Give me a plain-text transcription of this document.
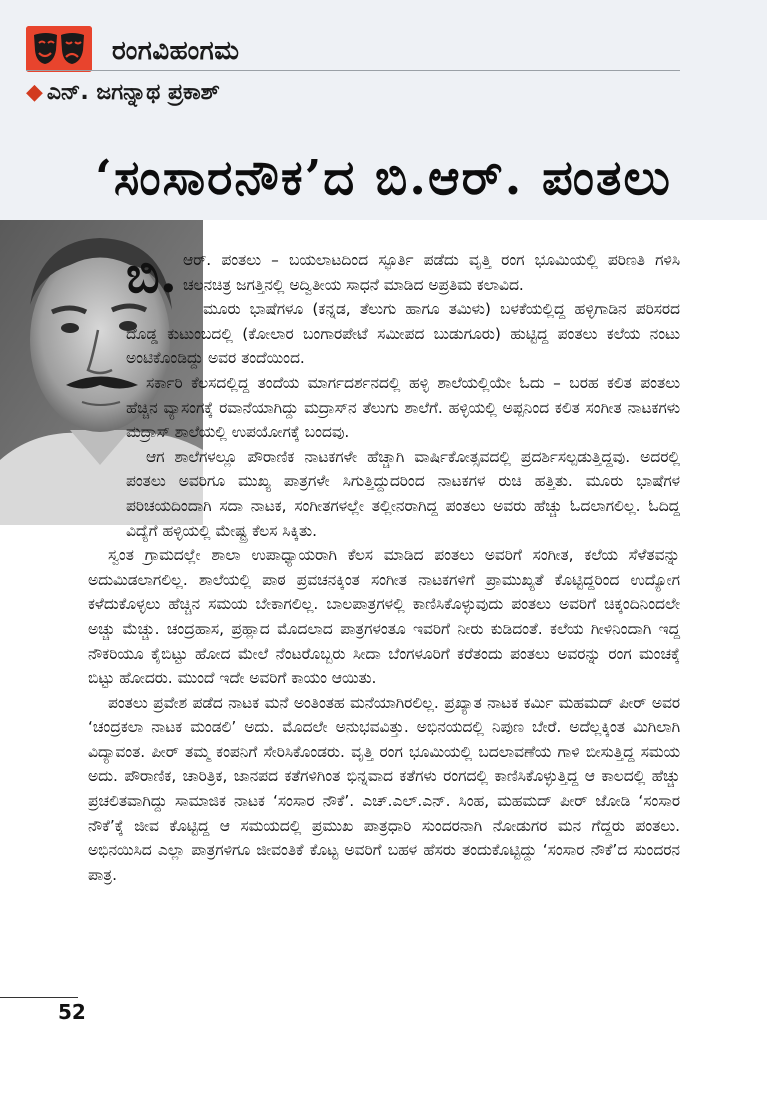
ರಂಗವಿಹಂಗಮ
◆ ಎನ್. ಜಗನ್ನಾಥ ಪ್ರಕಾಶ್
‘ಸಂಸಾರನೌಕ’ದ ಬಿ.ಆರ್. ಪಂತಲು
ಬಿ. ಆರ್. ಪಂತಲು – ಬಯಲಾಟದಿಂದ ಸ್ಫೂರ್ತಿ ಪಡೆದು ವೃತ್ತಿ ರಂಗ ಭೂಮಿಯಲ್ಲಿ ಪರಿಣತಿ ಗಳಿಸಿ ಚಲನಚಿತ್ರ ಜಗತ್ತಿನಲ್ಲಿ ಅದ್ವಿತೀಯ ಸಾಧನೆ ಮಾಡಿದ ಅಪ್ರತಿಮ ಕಲಾವಿದ.

ಮೂರು ಭಾಷೆಗಳೂ (ಕನ್ನಡ, ತೆಲುಗು ಹಾಗೂ ತಮಿಳು) ಬಳಕೆಯಲ್ಲಿದ್ದ ಹಳ್ಳಿಗಾಡಿನ ಪರಿಸರದ ದೊಡ್ಡ ಕುಟುಂಬದಲ್ಲಿ (ಕೋಲಾರ ಬಂಗಾರಪೇಟೆ ಸಮೀಪದ ಬುಡುಗೂರು) ಹುಟ್ಟಿದ್ದ ಪಂತಲು ಕಲೆಯ ನಂಟು ಅಂಟಿಕೊಂಡಿದ್ದು ಅವರ ತಂದೆಯಿಂದ.

ಸರ್ಕಾರಿ ಕೆಲಸದಲ್ಲಿದ್ದ ತಂದೆಯ ಮಾರ್ಗದರ್ಶನದಲ್ಲಿ ಹಳ್ಳಿ ಶಾಲೆಯಲ್ಲಿಯೇ ಓದು – ಬರಹ ಕಲಿತ ಪಂತಲು ಹೆಚ್ಚಿನ ವ್ಯಾಸಂಗಕ್ಕೆ ರವಾನೆಯಾಗಿದ್ದು ಮದ್ರಾಸ್‌ನ ತೆಲುಗು ಶಾಲೆಗೆ. ಹಳ್ಳಿಯಲ್ಲಿ ಅಪ್ಪನಿಂದ ಕಲಿತ ಸಂಗೀತ ನಾಟಕಗಳು ಮದ್ರಾಸ್ ಶಾಲೆಯಲ್ಲಿ ಉಪಯೋಗಕ್ಕೆ ಬಂದವು.

ಆಗ ಶಾಲೆಗಳಲ್ಲೂ ಪೌರಾಣಿಕ ನಾಟಕಗಳೇ ಹೆಚ್ಚಾಗಿ ವಾರ್ಷಿಕೋತ್ಸವದಲ್ಲಿ ಪ್ರದರ್ಶಿಸಲ್ಪಡುತ್ತಿದ್ದವು. ಅದರಲ್ಲಿ ಪಂತಲು ಅವರಿಗೂ ಮುಖ್ಯ ಪಾತ್ರಗಳೇ ಸಿಗುತ್ತಿದ್ದುದರಿಂದ ನಾಟಕಗಳ ರುಚಿ ಹತ್ತಿತು. ಮೂರು ಭಾಷೆಗಳ ಪರಿಚಯದಿಂದಾಗಿ ಸದಾ ನಾಟಕ, ಸಂಗೀತಗಳಲ್ಲೇ ತಲ್ಲೀನರಾಗಿದ್ದ ಪಂತಲು ಅವರು ಹೆಚ್ಚು ಓದಲಾಗಲಿಲ್ಲ. ಓದಿದ್ದ ವಿದ್ಯೆಗೆ ಹಳ್ಳಿಯಲ್ಲಿ ಮೇಷ್ಟ್ರ ಕೆಲಸ ಸಿಕ್ಕಿತು.

ಸ್ವಂತ ಗ್ರಾಮದಲ್ಲೇ ಶಾಲಾ ಉಪಾಧ್ಯಾಯರಾಗಿ ಕೆಲಸ ಮಾಡಿದ ಪಂತಲು ಅವರಿಗೆ ಸಂಗೀತ, ಕಲೆಯ ಸೆಳೆತವನ್ನು ಅದುಮಿಡಲಾಗಲಿಲ್ಲ. ಶಾಲೆಯಲ್ಲಿ ಪಾಠ ಪ್ರವಚನಕ್ಕಿಂತ ಸಂಗೀತ ನಾಟಕಗಳಿಗೆ ಪ್ರಾಮುಖ್ಯತೆ ಕೊಟ್ಟಿದ್ದರಿಂದ ಉದ್ಯೋಗ ಕಳೆದುಕೊಳ್ಳಲು ಹೆಚ್ಚಿನ ಸಮಯ ಬೇಕಾಗಲಿಲ್ಲ. ಬಾಲಪಾತ್ರಗಳಲ್ಲಿ ಕಾಣಿಸಿಕೊಳ್ಳುವುದು ಪಂತಲು ಅವರಿಗೆ ಚಿಕ್ಕಂದಿನಿಂದಲೇ ಅಚ್ಚು ಮೆಚ್ಚು. ಚಂದ್ರಹಾಸ, ಪ್ರಹ್ಲಾದ ಮೊದಲಾದ ಪಾತ್ರಗಳಂತೂ ಇವರಿಗೆ ನೀರು ಕುಡಿದಂತೆ. ಕಲೆಯ ಗೀಳಿನಿಂದಾಗಿ ಇದ್ದ ನೌಕರಿಯೂ ಕೈಬಿಟ್ಟು ಹೋದ ಮೇಲೆ ನೆಂಟರೊಬ್ಬರು ಸೀದಾ ಬೆಂಗಳೂರಿಗೆ ಕರೆತಂದು ಪಂತಲು ಅವರನ್ನು ರಂಗ ಮಂಚಕ್ಕೆ ಬಿಟ್ಟು ಹೋದರು. ಮುಂದೆ ಇದೇ ಅವರಿಗೆ ಕಾಯಂ ಆಯಿತು.

ಪಂತಲು ಪ್ರವೇಶ ಪಡೆದ ನಾಟಕ ಮನೆ ಅಂತಿಂತಹ ಮನೆಯಾಗಿರಲಿಲ್ಲ. ಪ್ರಖ್ಯಾತ ನಾಟಕ ಕರ್ಮಿ ಮಹಮದ್ ಪೀರ್ ಅವರ ‘ಚಂದ್ರಕಲಾ ನಾಟಕ ಮಂಡಲಿ’ ಅದು. ಮೊದಲೇ ಅನುಭವವಿತ್ತು. ಅಭಿನಯದಲ್ಲಿ ನಿಪುಣ ಬೇರೆ. ಅದೆಲ್ಲಕ್ಕಿಂತ ಮಿಗಿಲಾಗಿ ವಿದ್ಯಾವಂತ. ಪೀರ್ ತಮ್ಮ ಕಂಪನಿಗೆ ಸೇರಿಸಿಕೊಂಡರು. ವೃತ್ತಿ ರಂಗ ಭೂಮಿಯಲ್ಲಿ ಬದಲಾವಣೆಯ ಗಾಳಿ ಬೀಸುತ್ತಿದ್ದ ಸಮಯ ಅದು. ಪೌರಾಣಿಕ, ಚಾರಿತ್ರಿಕ, ಜಾನಪದ ಕತೆಗಳಿಗಿಂತ ಭಿನ್ನವಾದ ಕತೆಗಳು ರಂಗದಲ್ಲಿ ಕಾಣಿಸಿಕೊಳ್ಳುತ್ತಿದ್ದ ಆ ಕಾಲದಲ್ಲಿ ಹೆಚ್ಚು ಪ್ರಚಲಿತವಾಗಿದ್ದು ಸಾಮಾಜಿಕ ನಾಟಕ ‘ಸಂಸಾರ ನೌಕೆ’. ಎಚ್.ಎಲ್.ಎನ್. ಸಿಂಹ, ಮಹಮದ್ ಪೀರ್ ಜೋಡಿ ‘ಸಂಸಾರ ನೌಕೆ’ಕ್ಕೆ ಜೀವ ಕೊಟ್ಟಿದ್ದ ಆ ಸಮಯದಲ್ಲಿ ಪ್ರಮುಖ ಪಾತ್ರಧಾರಿ ಸುಂದರನಾಗಿ ನೋಡುಗರ ಮನ ಗೆದ್ದರು ಪಂತಲು. ಅಭಿನಯಿಸಿದ ಎಲ್ಲಾ ಪಾತ್ರಗಳಿಗೂ ಜೀವಂತಿಕೆ ಕೊಟ್ಟ ಅವರಿಗೆ ಬಹಳ ಹೆಸರು ತಂದುಕೊಟ್ಟಿದ್ದು ‘ಸಂಸಾರ ನೌಕೆ’ದ ಸುಂದರನ ಪಾತ್ರ.

52
